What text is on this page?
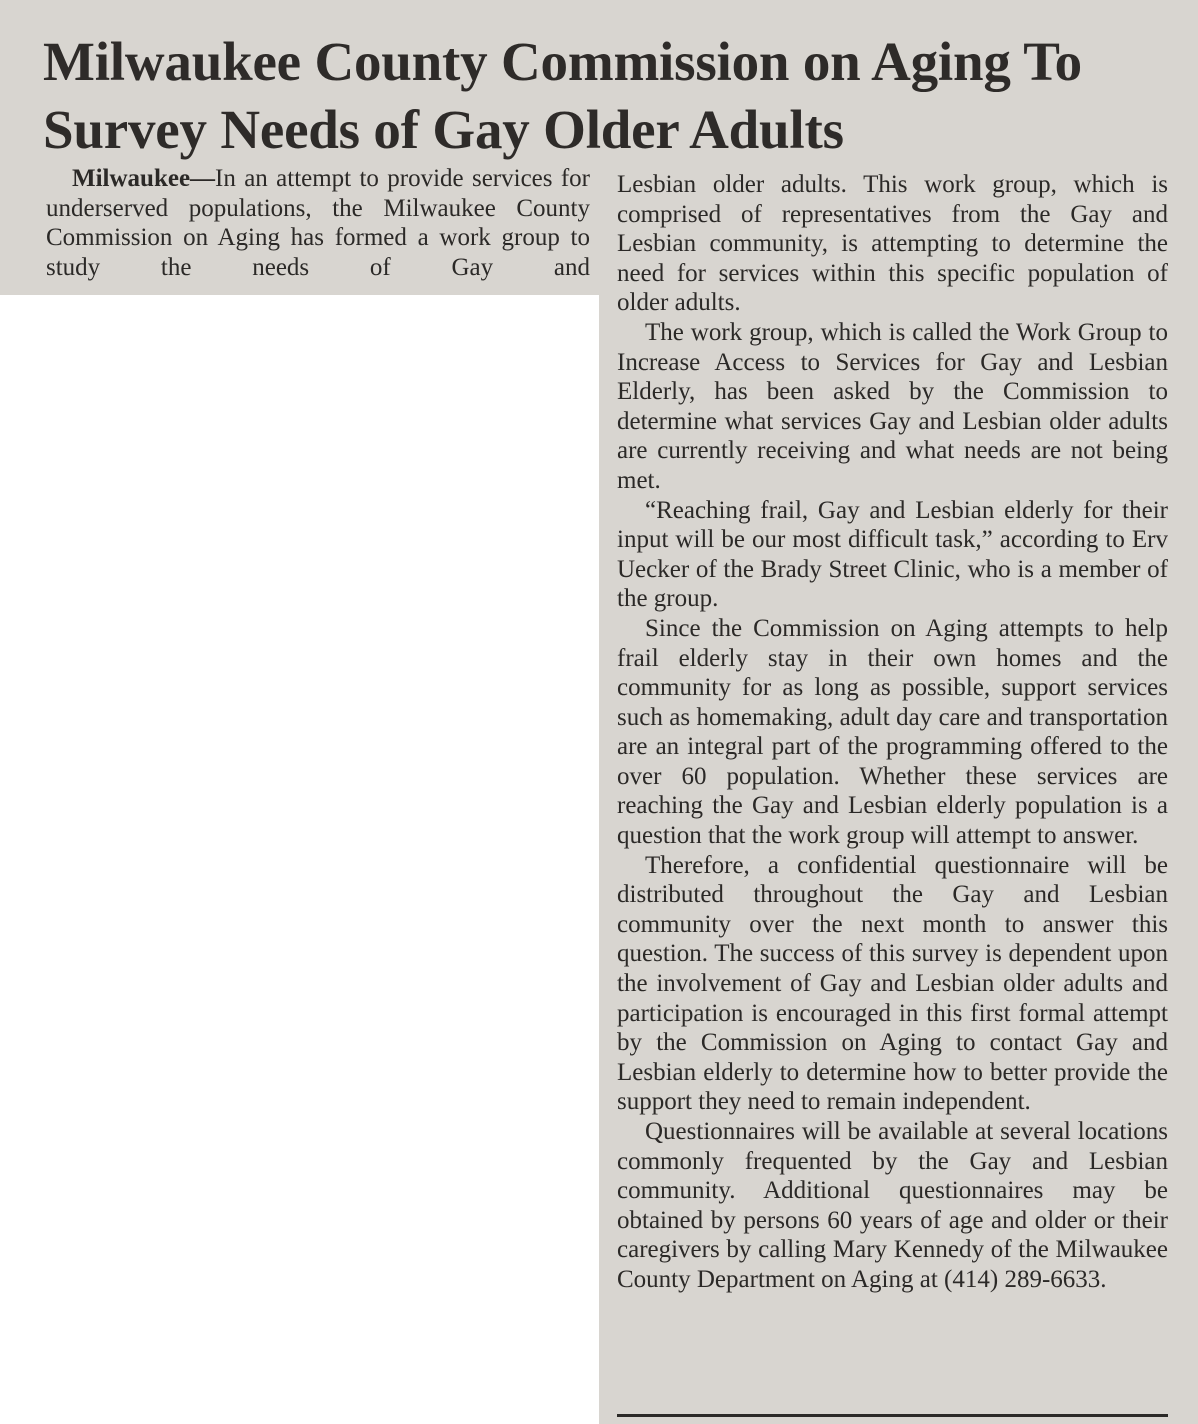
Milwaukee County Commission on Aging To
Survey Needs of Gay Older Adults

Milwaukee—In an attempt to provide services for underserved populations, the Milwaukee County Commission on Aging has formed a work group to study the needs of Gay and

Lesbian older adults. This work group, which is comprised of representatives from the Gay and Lesbian community, is attempting to determine the need for services within this specific population of older adults.

The work group, which is called the Work Group to Increase Access to Services for Gay and Lesbian Elderly, has been asked by the Commission to determine what services Gay and Lesbian older adults are currently receiving and what needs are not being met.

“Reaching frail, Gay and Lesbian elderly for their input will be our most difficult task,” according to Erv Uecker of the Brady Street Clinic, who is a member of the group.

Since the Commission on Aging attempts to help frail elderly stay in their own homes and the community for as long as possible, support services such as homemaking, adult day care and transportation are an integral part of the programming offered to the over 60 population. Whether these services are reaching the Gay and Lesbian elderly population is a question that the work group will attempt to answer.

Therefore, a confidential questionnaire will be distributed throughout the Gay and Lesbian community over the next month to answer this question. The success of this survey is dependent upon the involvement of Gay and Lesbian older adults and participation is encouraged in this first formal attempt by the Commission on Aging to contact Gay and Lesbian elderly to determine how to better provide the support they need to remain independent.

Questionnaires will be available at several locations commonly frequented by the Gay and Lesbian community. Additional questionnaires may be obtained by persons 60 years of age and older or their caregivers by calling Mary Kennedy of the Milwaukee County Department on Aging at (414) 289-6633.
